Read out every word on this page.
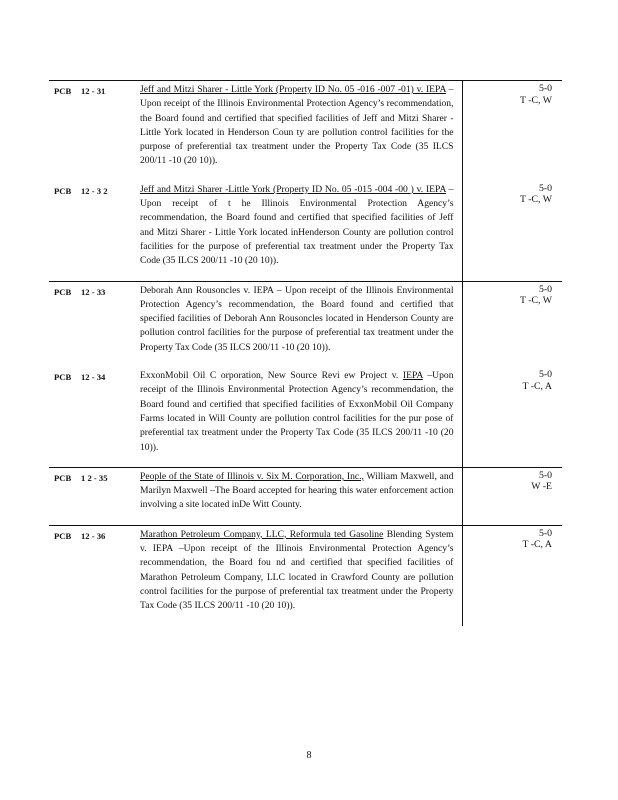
PCB 12 - 31	Jeff and Mitzi Sharer - Little York (Property ID No. 05 -016 -007 -01) v. IEPA –Upon receipt of the Illinois Environmental Protection Agency’s recommendation, the Board found and certified that specified facilities of Jeff and Mitzi Sharer - Little York located in Henderson Coun ty are pollution control facilities for the purpose of preferential tax treatment under the Property Tax Code (35 ILCS 200/11 -10 (20 10)).	5-0
T -C, W

PCB 12 - 3 2	Jeff and Mitzi Sharer -Little York (Property ID No. 05 -015 -004 -00 ) v. IEPA –Upon receipt of t he Illinois Environmental Protection Agency’s recommendation, the Board found and certified that specified facilities of Jeff and Mitzi Sharer - Little York located inHenderson County are pollution control facilities for the purpose of preferential tax treatment under the Property Tax Code (35 ILCS 200/11 -10 (20 10)).	5-0
T -C, W

PCB 12 - 33	Deborah Ann Rousoncles v. IEPA – Upon receipt of the Illinois Environmental Protection Agency’s recommendation, the Board found and certified that specified facilities of Deborah Ann Rousoncles located in Henderson County are pollution control facilities for the purpose of preferential tax treatment under the Property Tax Code (35 ILCS 200/11 -10 (20 10)).	5-0
T -C, W

PCB 12 - 34	ExxonMobil Oil C orporation, New Source Revi ew Project v. IEPA –Upon receipt of the Illinois Environmental Protection Agency’s recommendation, the Board found and certified that specified facilities of ExxonMobil Oil Company Farms located in Will County are pollution control facilities for the pur pose of preferential tax treatment under the Property Tax Code (35 ILCS 200/11 -10 (20 10)).	5-0
T -C, A

PCB 1 2 - 35	People of the State of Illinois v. Six M. Corporation, Inc., William Maxwell, and Marilyn Maxwell –The Board accepted for hearing this water enforcement action involving a site located inDe Witt County.	5-0
W -E

PCB 12 - 36	Marathon Petroleum Company, LLC, Reformula ted Gasoline Blending System v. IEPA –Upon receipt of the Illinois Environmental Protection Agency’s recommendation, the Board fou nd and certified that specified facilities of Marathon Petroleum Company, LLC located in Crawford County are pollution control facilities for the purpose of preferential tax treatment under the Property Tax Code (35 ILCS 200/11 -10 (20 10)).	5-0
T -C, A
8
